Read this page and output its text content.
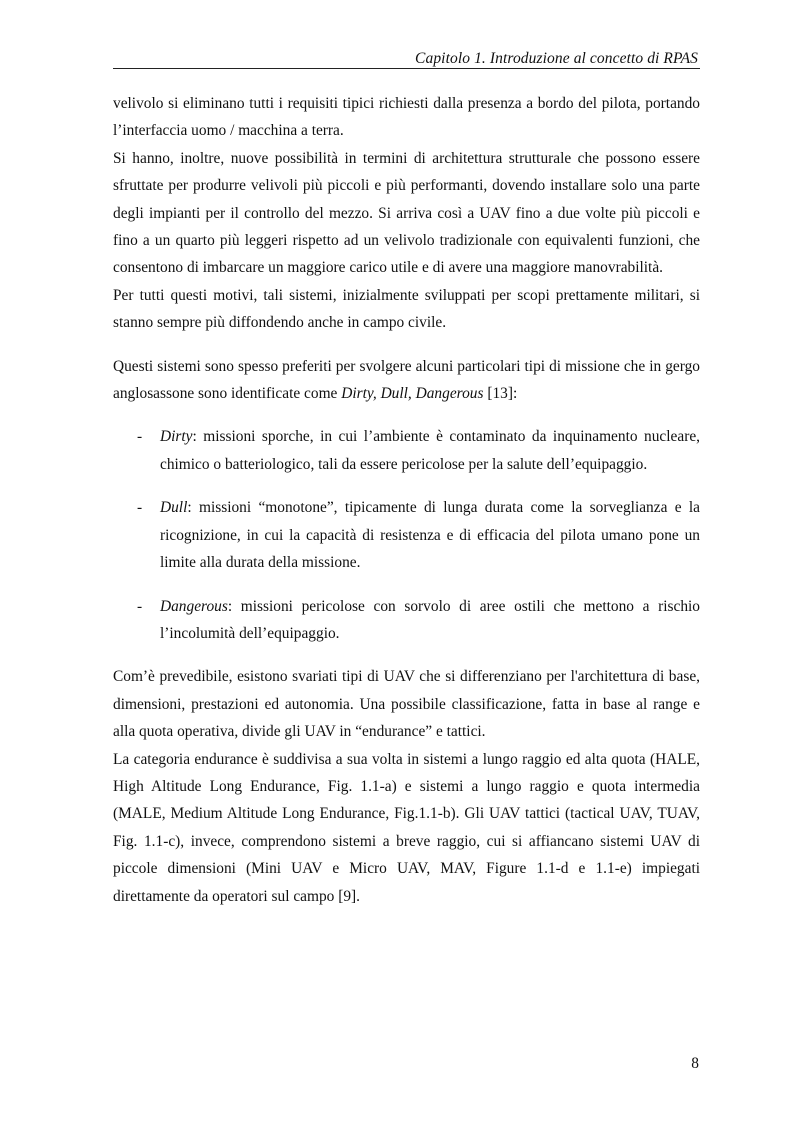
Capitolo 1. Introduzione al concetto di RPAS

velivolo si eliminano tutti i requisiti tipici richiesti dalla presenza a bordo del pilota, portando l’interfaccia uomo / macchina a terra.

Si hanno, inoltre, nuove possibilità in termini di architettura strutturale che possono essere sfruttate per produrre velivoli più piccoli e più performanti, dovendo installare solo una parte degli impianti per il controllo del mezzo. Si arriva così a UAV fino a due volte più piccoli e fino a un quarto più leggeri rispetto ad un velivolo tradizionale con equivalenti funzioni, che consentono di imbarcare un maggiore carico utile e di avere una maggiore manovrabilità.

Per tutti questi motivi, tali sistemi, inizialmente sviluppati per scopi prettamente militari, si stanno sempre più diffondendo anche in campo civile.

Questi sistemi sono spesso preferiti per svolgere alcuni particolari tipi di missione che in gergo anglosassone sono identificate come Dirty, Dull, Dangerous [13]:

- Dirty: missioni sporche, in cui l’ambiente è contaminato da inquinamento nucleare, chimico o batteriologico, tali da essere pericolose per la salute dell’equipaggio.

- Dull: missioni “monotone”, tipicamente di lunga durata come la sorveglianza e la ricognizione, in cui la capacità di resistenza e di efficacia del pilota umano pone un limite alla durata della missione.

- Dangerous: missioni pericolose con sorvolo di aree ostili che mettono a rischio l’incolumità dell’equipaggio.

Com’è prevedibile, esistono svariati tipi di UAV che si differenziano per l'architettura di base, dimensioni, prestazioni ed autonomia. Una possibile classificazione, fatta in base al range e alla quota operativa, divide gli UAV in “endurance” e tattici.

La categoria endurance è suddivisa a sua volta in sistemi a lungo raggio ed alta quota (HALE, High Altitude Long Endurance, Fig. 1.1-a) e sistemi a lungo raggio e quota intermedia (MALE, Medium Altitude Long Endurance, Fig.1.1-b). Gli UAV tattici (tactical UAV, TUAV, Fig. 1.1-c), invece, comprendono sistemi a breve raggio, cui si affiancano sistemi UAV di piccole dimensioni (Mini UAV e Micro UAV, MAV, Figure 1.1-d e 1.1-e) impiegati direttamente da operatori sul campo [9].

8
